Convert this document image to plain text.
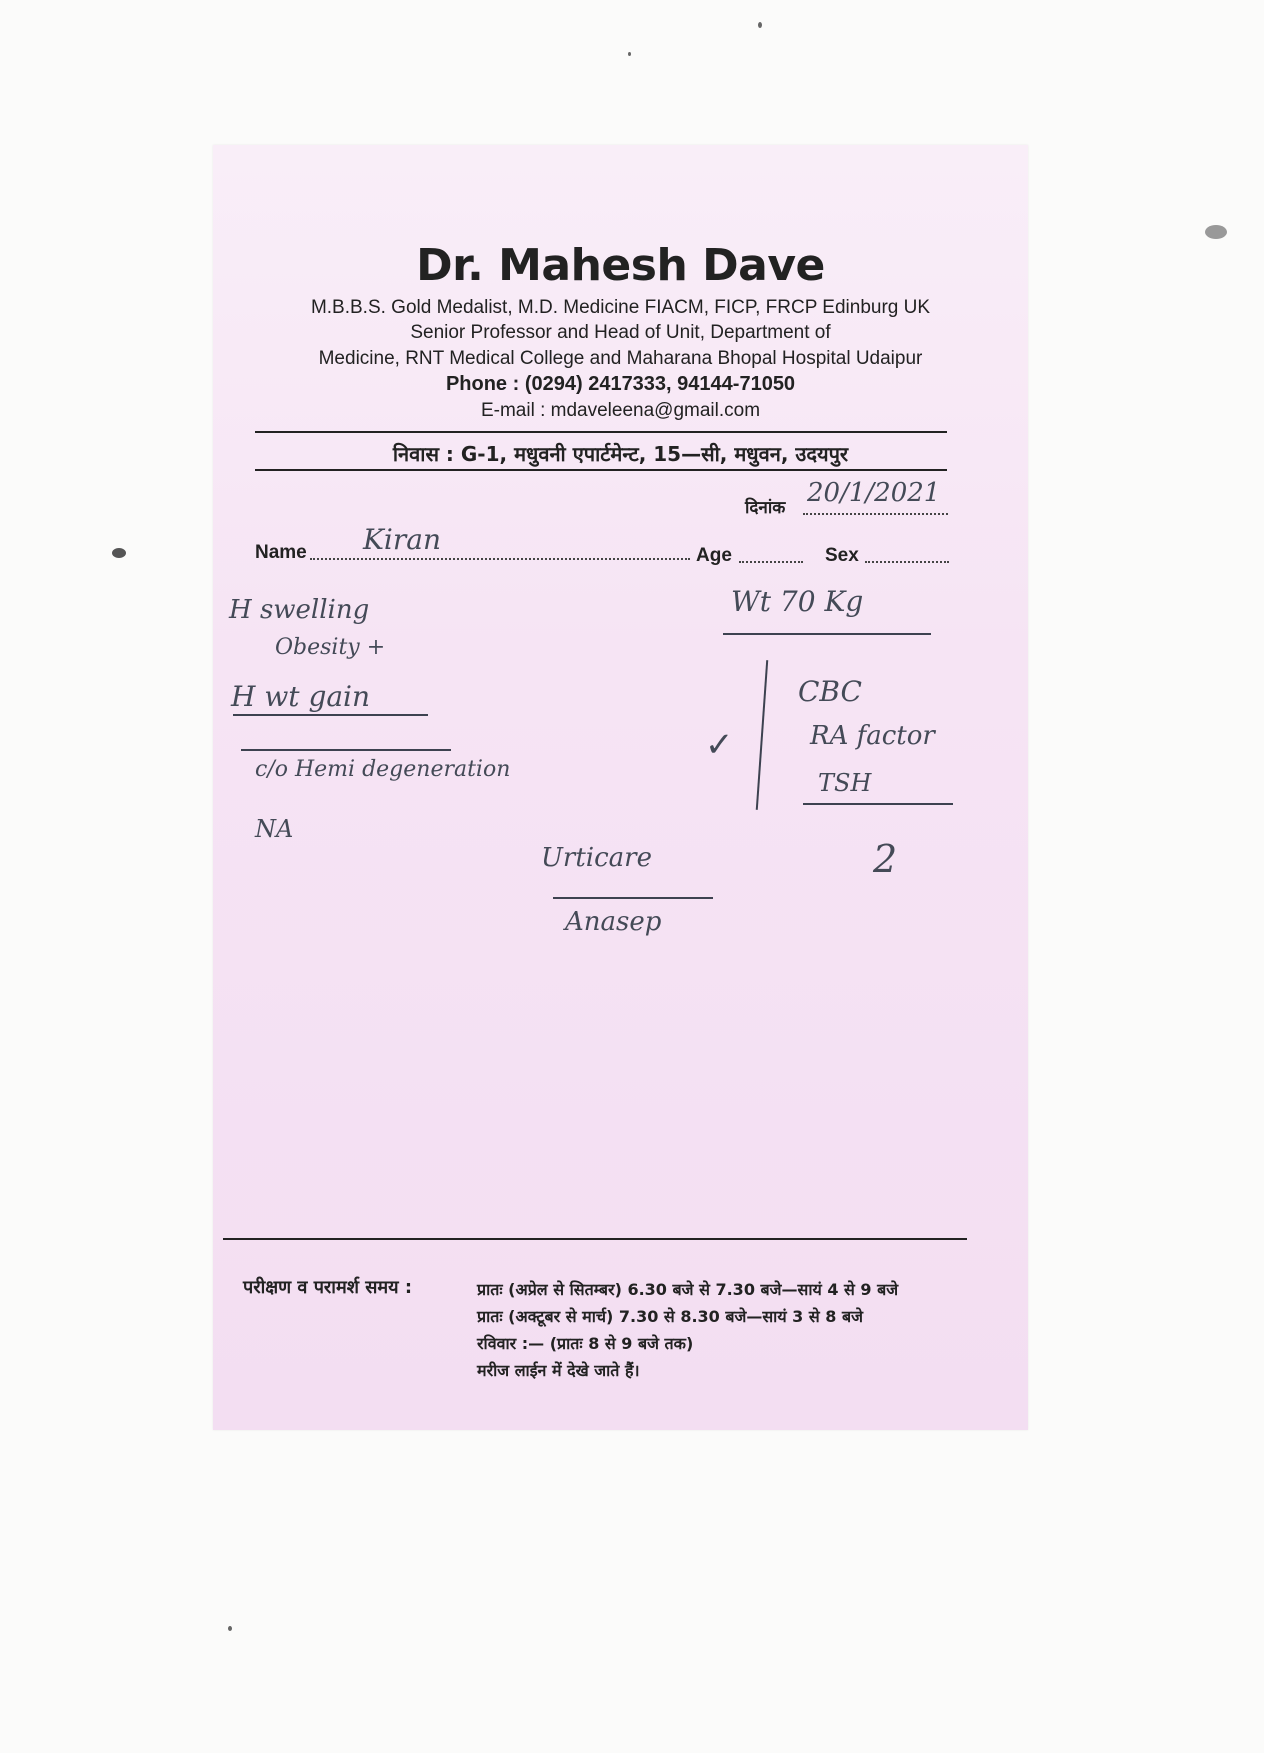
Dr. Mahesh Dave
M.B.B.S. Gold Medalist, M.D. Medicine FIACM, FICP, FRCP Edinburg UK
Senior Professor and Head of Unit, Department of
Medicine, RNT Medical College and Maharana Bhopal Hospital Udaipur
Phone : (0294) 2417333, 94144-71050
E-mail : mdaveleena@gmail.com
निवास : G-1, मधुवनी एपार्टमेन्ट, 15—सी, मधुवन, उदयपुर
दिनांक 20/1/2021
Name Kiran	Age	Sex
H swelling
Obesity +
H wt gain
c/o Hemi degeneration
NA
Wt 70 Kg
✓
CBC
RA factor
TSH
Urticare
Anasep
2
परीक्षण व परामर्श समय :	प्रातः (अप्रेल से सितम्बर) 6.30 बजे से 7.30 बजे—सायं 4 से 9 बजे
प्रातः (अक्टूबर से मार्च) 7.30 से 8.30 बजे—सायं 3 से 8 बजे
रविवार :— (प्रातः 8 से 9 बजे तक)
मरीज लाईन में देखे जाते हैं।
